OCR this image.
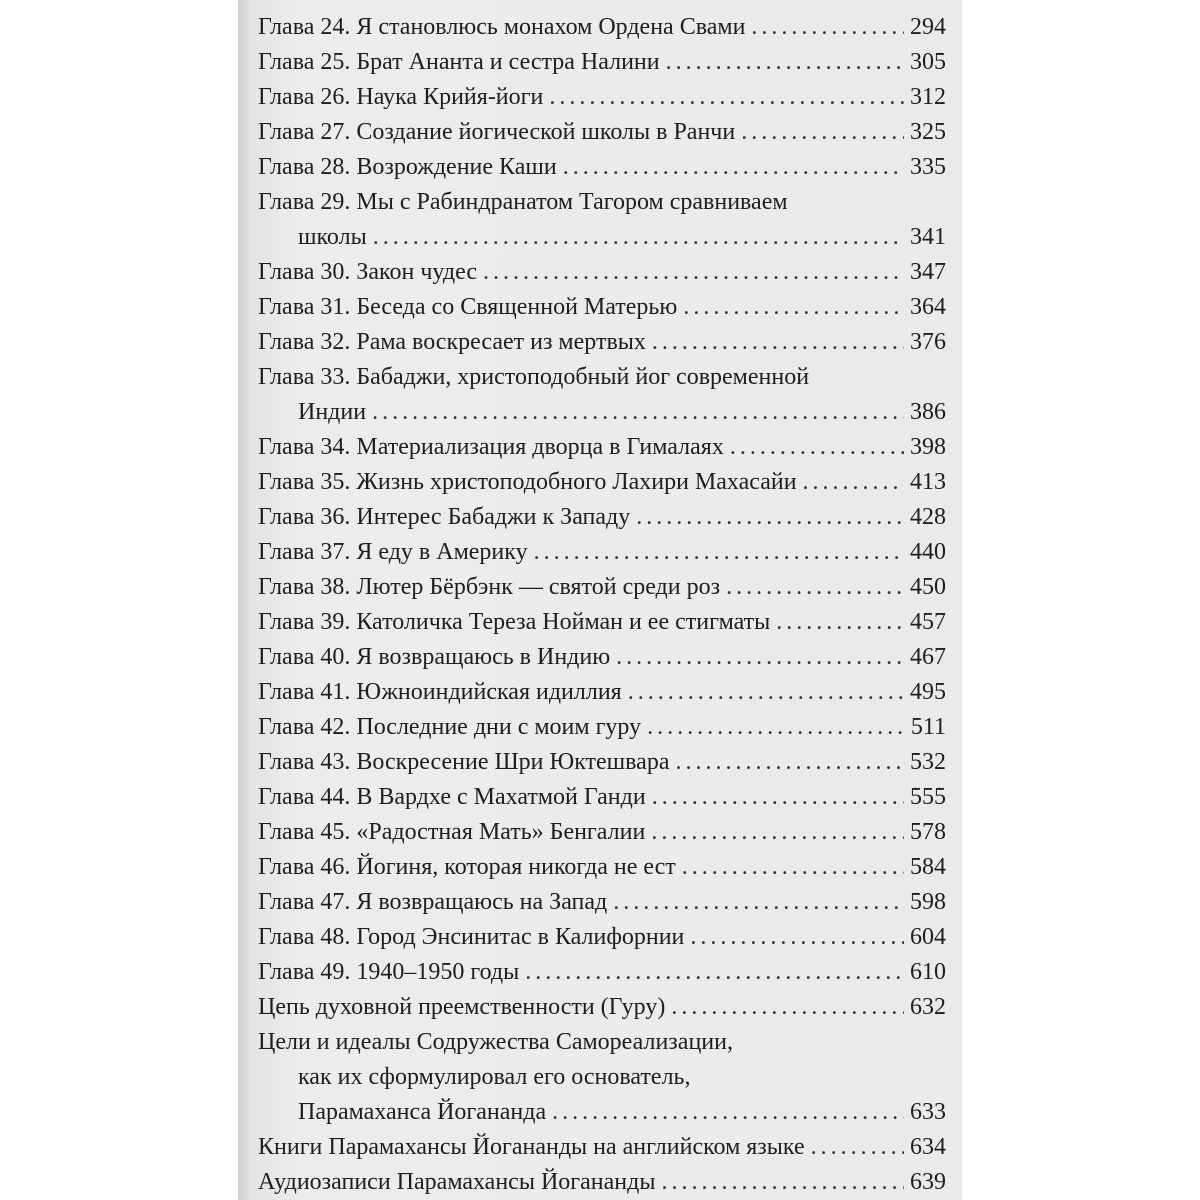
Глава 24. Я становлюсь монахом Ордена Свами . . .	294
Глава 25. Брат Ананта и сестра Налини . . .	305
Глава 26. Наука Крийя-йоги . . .	312
Глава 27. Создание йогической школы в Ранчи . . .	325
Глава 28. Возрождение Каши . . .	335
Глава 29. Мы с Рабиндранатом Тагором сравниваем
школы . . .	341
Глава 30. Закон чудес . . .	347
Глава 31. Беседа со Священной Матерью . . .	364
Глава 32. Рама воскресает из мертвых . . .	376
Глава 33. Бабаджи, христоподобный йог современной
Индии . . .	386
Глава 34. Материализация дворца в Гималаях . . .	398
Глава 35. Жизнь христоподобного Лахири Махасайи . . .	413
Глава 36. Интерес Бабаджи к Западу . . .	428
Глава 37. Я еду в Америку . . .	440
Глава 38. Лютер Бёрбэнк — святой среди роз . . .	450
Глава 39. Католичка Тереза Нойман и ее стигматы . . .	457
Глава 40. Я возвращаюсь в Индию . . .	467
Глава 41. Южноиндийская идиллия . . .	495
Глава 42. Последние дни с моим гуру . . .	511
Глава 43. Воскресение Шри Юктешвара . . .	532
Глава 44. В Вардхе с Махатмой Ганди . . .	555
Глава 45. «Радостная Мать» Бенгалии . . .	578
Глава 46. Йогиня, которая никогда не ест . . .	584
Глава 47. Я возвращаюсь на Запад . . .	598
Глава 48. Город Энсинитас в Калифорнии . . .	604
Глава 49. 1940–1950 годы . . .	610
Цепь духовной преемственности (Гуру) . . .	632
Цели и идеалы Содружества Самореализации,
как их сформулировал его основатель,
Парамаханса Йогананда . . .	633
Книги Парамахансы Йогананды на английском языке . . .	634
Аудиозаписи Парамахансы Йогананды . . .	639
